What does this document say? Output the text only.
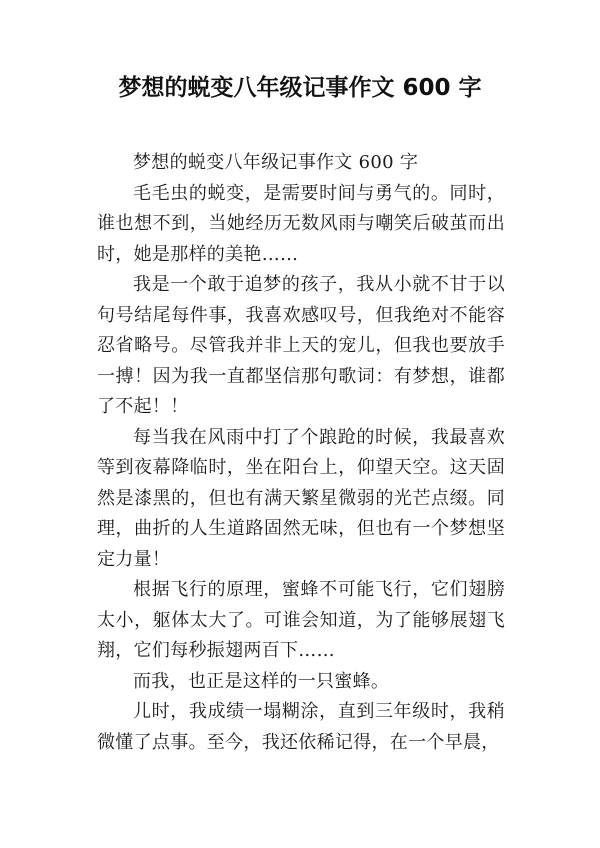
梦想的蜕变八年级记事作文 600 字

梦想的蜕变八年级记事作文 600 字

毛毛虫的蜕变，是需要时间与勇气的。同时，谁也想不到，当她经历无数风雨与嘲笑后破茧而出时，她是那样的美艳……

我是一个敢于追梦的孩子，我从小就不甘于以句号结尾每件事，我喜欢感叹号，但我绝对不能容忍省略号。尽管我并非上天的宠儿，但我也要放手一搏！因为我一直都坚信那句歌词：有梦想，谁都了不起！！

每当我在风雨中打了个踉跄的时候，我最喜欢等到夜幕降临时，坐在阳台上，仰望天空。这天固然是漆黑的，但也有满天繁星微弱的光芒点缀。同理，曲折的人生道路固然无味，但也有一个梦想坚定力量！

根据飞行的原理，蜜蜂不可能飞行，它们翅膀太小，躯体太大了。可谁会知道，为了能够展翅飞翔，它们每秒振翅两百下……

而我，也正是这样的一只蜜蜂。

儿时，我成绩一塌糊涂，直到三年级时，我稍微懂了点事。至今，我还依稀记得，在一个早晨，
